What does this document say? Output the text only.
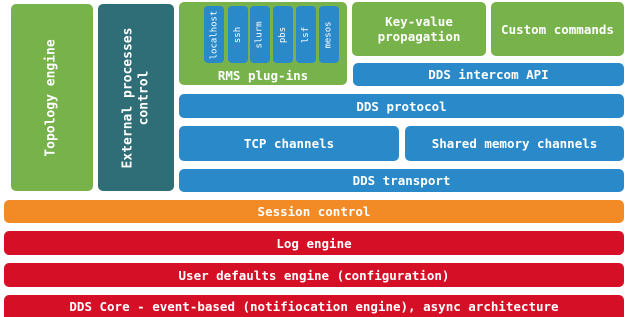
Topology engine	External processes control	RMS plug-ins
localhost ssh slurm pbs lsf mesos	Key-value
propagation	Custom commands
DDS intercom API
DDS protocol
TCP channels	Shared memory channels
DDS transport
Session control
Log engine
User defaults engine (configuration)
DDS Core - event-based (notifiocation engine), async architecture
